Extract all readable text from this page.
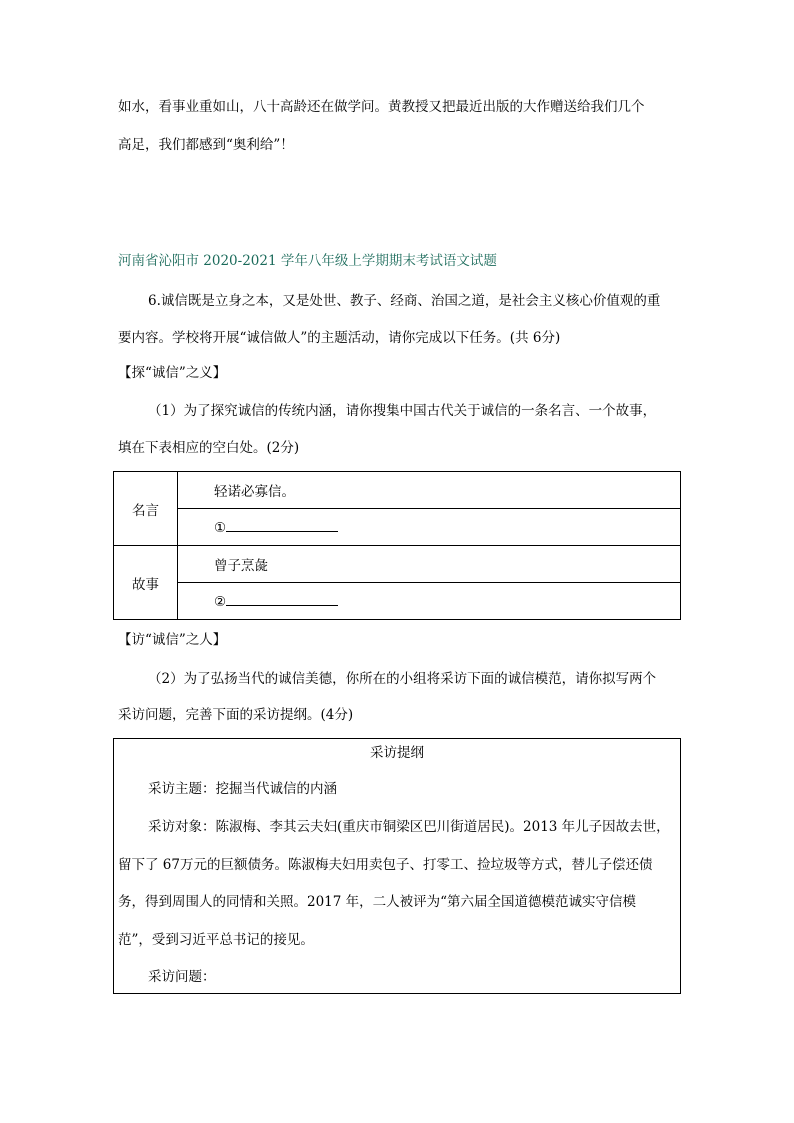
如水，看事业重如山，八十高龄还在做学问。黄教授又把最近出版的大作赠送给我们几个
高足，我们都感到“奥利给”！
河南省沁阳市 2020-2021 学年八年级上学期期末考试语文试题
6.诚信既是立身之本，又是处世、教子、经商、治国之道，是社会主义核心价值观的重
要内容。学校将开展“诚信做人”的主题活动，请你完成以下任务。(共 6分)
【探“诚信”之义】
（1）为了探究诚信的传统内涵，请你搜集中国古代关于诚信的一条名言、一个故事，
填在下表相应的空白处。(2分)
名言	轻诺必寡信。
	①
故事	曾子烹彘
	②
【访“诚信”之人】
（2）为了弘扬当代的诚信美德，你所在的小组将采访下面的诚信模范，请你拟写两个
采访问题，完善下面的采访提纲。(4分)
采访提纲
采访主题：挖掘当代诚信的内涵
采访对象：陈淑梅、李其云夫妇(重庆市铜梁区巴川街道居民)。2013 年儿子因故去世，
留下了 67万元的巨额债务。陈淑梅夫妇用卖包子、打零工、捡垃圾等方式，替儿子偿还债
务，得到周围人的同情和关照。2017 年，二人被评为“第六届全国道德模范诚实守信模
范”，受到习近平总书记的接见。
采访问题：
